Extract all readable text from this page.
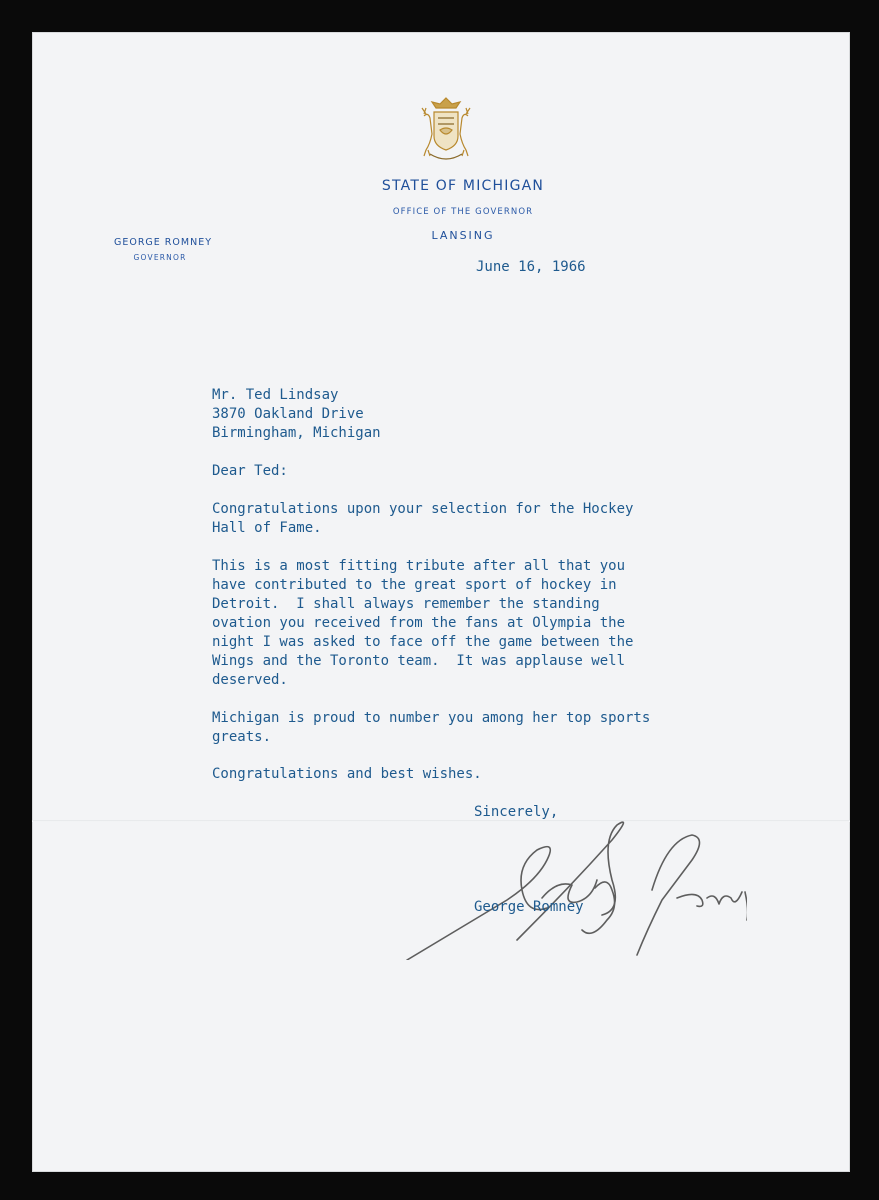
STATE OF MICHIGAN
OFFICE OF THE GOVERNOR
LANSING
GEORGE ROMNEY
GOVERNOR
June 16, 1966
Mr. Ted Lindsay
3870 Oakland Drive
Birmingham, Michigan
Dear Ted:
Congratulations upon your selection for the Hockey
Hall of Fame.
This is a most fitting tribute after all that you
have contributed to the great sport of hockey in
Detroit.  I shall always remember the standing
ovation you received from the fans at Olympia the
night I was asked to face off the game between the
Wings and the Toronto team.  It was applause well
deserved.
Michigan is proud to number you among her top sports
greats.
Congratulations and best wishes.
Sincerely,
George Romney
